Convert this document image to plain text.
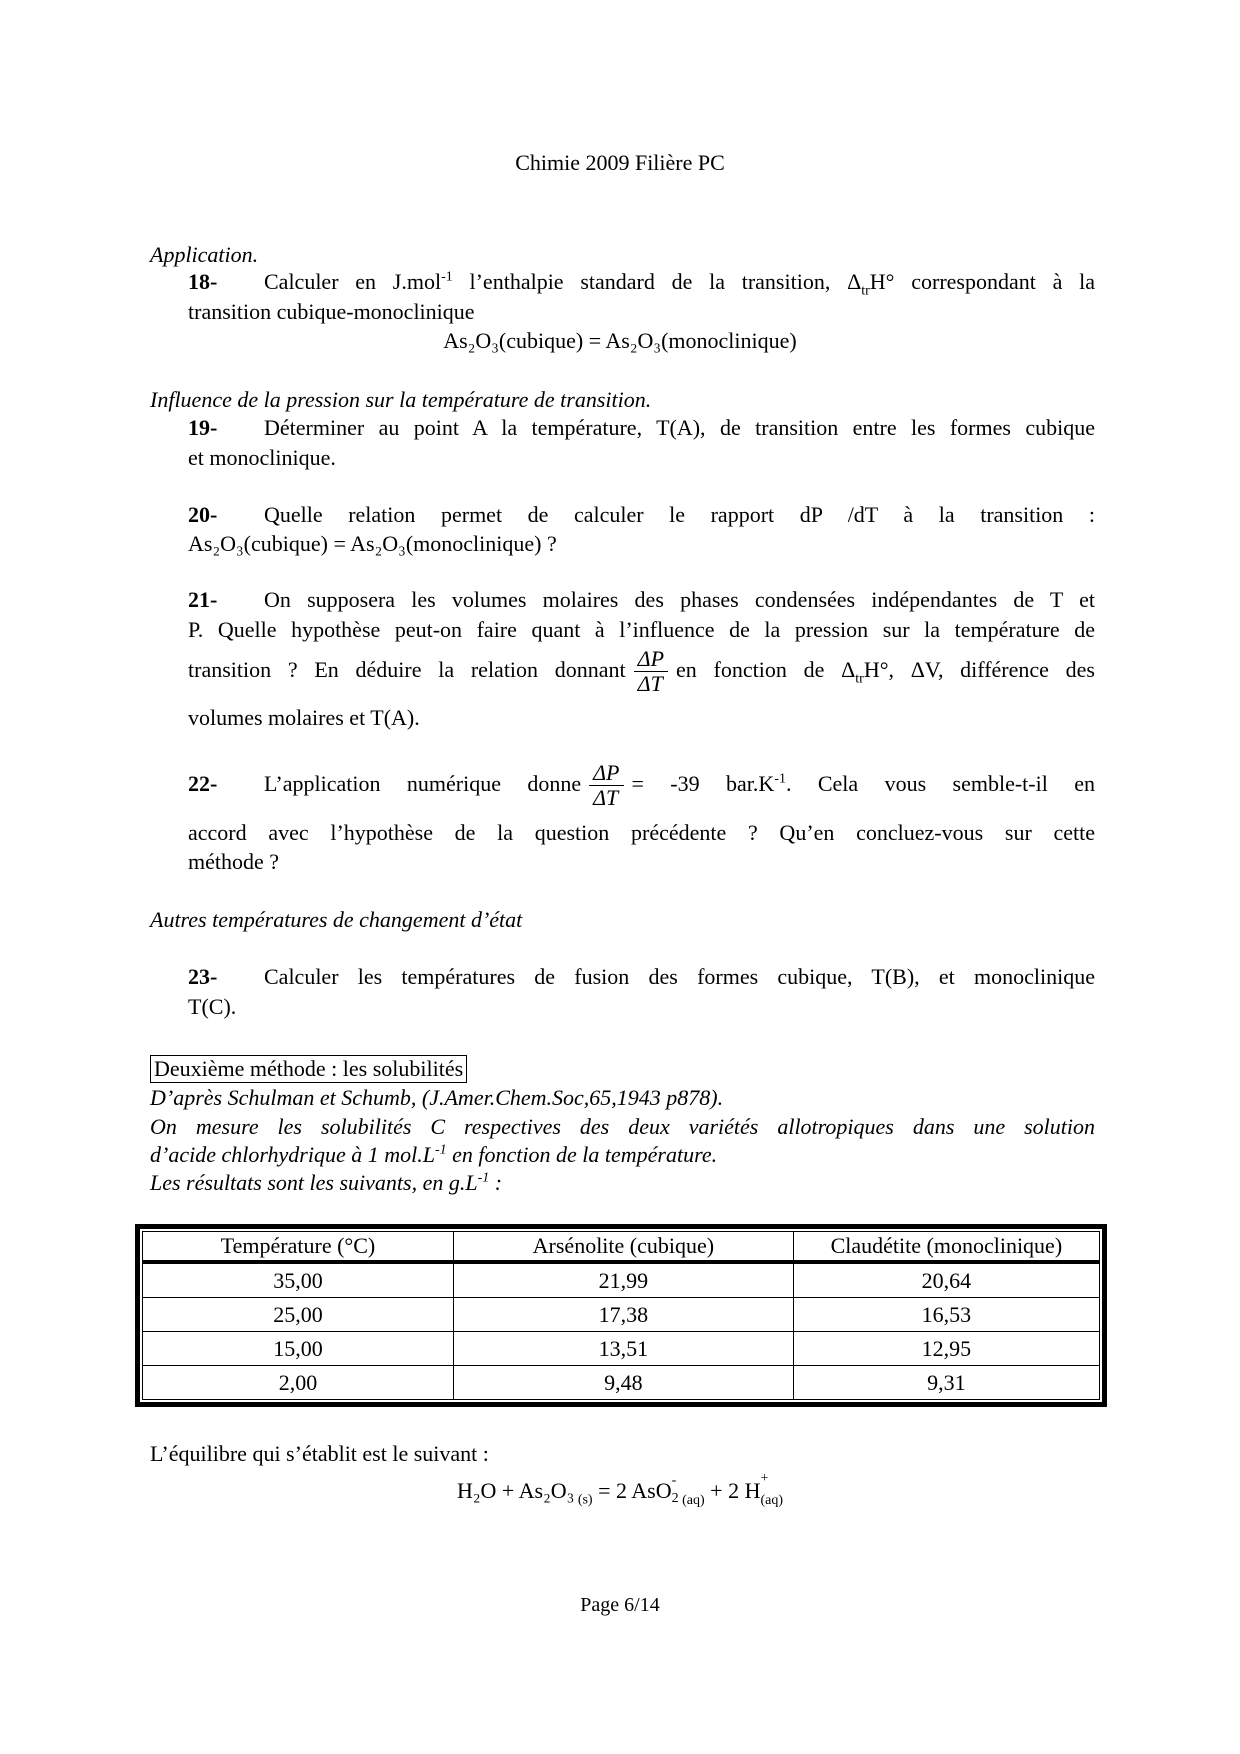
Chimie 2009 Filière PC
Application.
18- Calculer en J.mol$^{-1}$ l’enthalpie standard de la transition, $\Delta_{tr}H^\circ$ correspondant à la
transition cubique-monoclinique
As₂O₃(cubique) = As₂O₃(monoclinique)
Influence de la pression sur la température de transition.
19- Déterminer au point A la température, T(A), de transition entre les formes cubique
et monoclinique.
20- Quelle relation permet de calculer le rapport dP /dT à la transition :
As₂O₃(cubique) = As₂O₃(monoclinique) ?
21- On supposera les volumes molaires des phases condensées indépendantes de T et
P. Quelle hypothèse peut-on faire quant à l’influence de la pression sur la température de
transition ? En déduire la relation donnant $\frac{\Delta P}{\Delta T}$ en fonction de $\Delta_{tr}H^\circ$, ΔV, différence des
volumes molaires et T(A).
22- L’application numérique donne $\frac{\Delta P}{\Delta T} = -39$ $bar.K^{-1}$. Cela vous semble-t-il en
accord avec l’hypothèse de la question précédente ? Qu’en concluez-vous sur cette
méthode ?
Autres températures de changement d’état
23- Calculer les températures de fusion des formes cubique, T(B), et monoclinique
T(C).
Deuxième méthode : les solubilités
D’après Schulman et Schumb, (J.Amer.Chem.Soc,65,1943 p878).
On mesure les solubilités C respectives des deux variétés allotropiques dans une solution
d’acide chlorhydrique à 1 $mol.L^{-1}$ en fonction de la température.
Les résultats sont les suivants, en $g.L^{-1}$ :
Température (°C)	Arsénolite (cubique)	Claudétite (monoclinique)
35,00	21,99	20,64
25,00	17,38	16,53
15,00	13,51	12,95
2,00	9,48	9,31
L’équilibre qui s’établit est le suivant :
H₂O + As₂O₃ $_{(s)}$ = 2 AsO -
2 (aq) + 2 H +
(aq)
Page 6/14
